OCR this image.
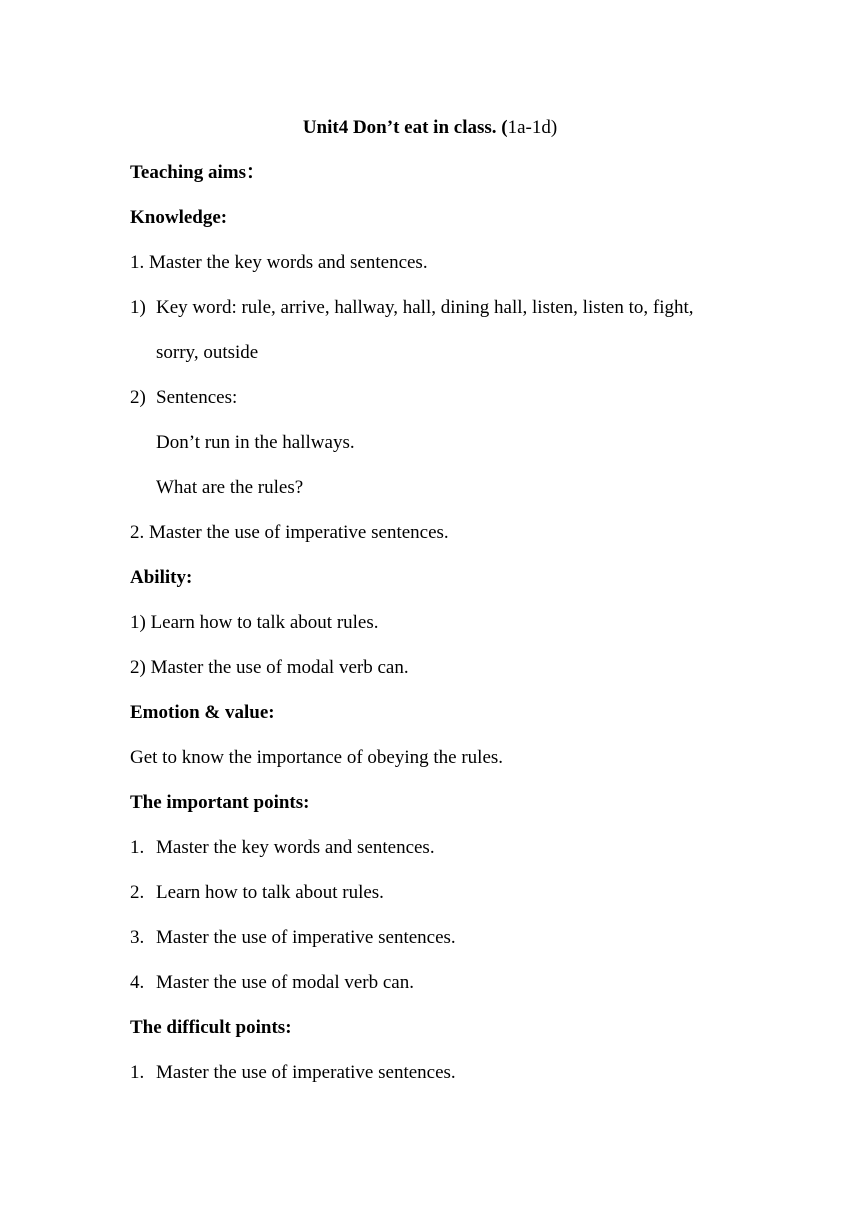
Unit4 Don’t eat in class. (1a-1d)
Teaching aims：
Knowledge:
1. Master the key words and sentences.
1) Key word: rule, arrive, hallway, hall, dining hall, listen, listen to, fight,
sorry, outside
2) Sentences:
Don’t run in the hallways.
What are the rules?
2. Master the use of imperative sentences.
Ability:
1) Learn how to talk about rules.
2) Master the use of modal verb can.
Emotion & value:
Get to know the importance of obeying the rules.
The important points:
1. Master the key words and sentences.
2. Learn how to talk about rules.
3. Master the use of imperative sentences.
4. Master the use of modal verb can.
The difficult points:
1. Master the use of imperative sentences.
